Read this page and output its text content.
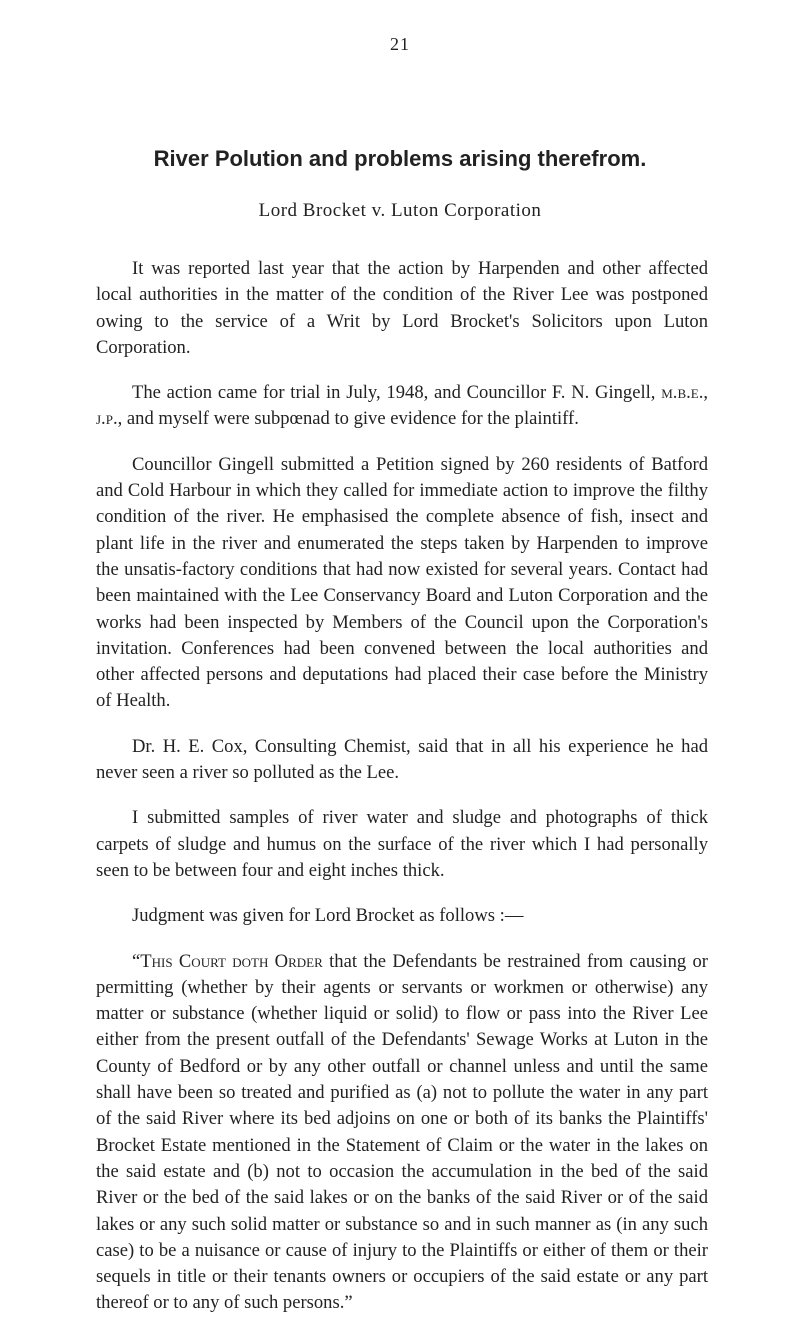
21
River Polution and problems arising therefrom.
Lord Brocket v. Luton Corporation

It was reported last year that the action by Harpenden and other affected local authorities in the matter of the condition of the River Lee was postponed owing to the service of a Writ by Lord Brocket's Solicitors upon Luton Corporation.

The action came for trial in July, 1948, and Councillor F. N. Gingell, m.b.e., j.p., and myself were subpœnad to give evidence for the plaintiff.

Councillor Gingell submitted a Petition signed by 260 residents of Batford and Cold Harbour in which they called for immediate action to improve the filthy condition of the river. He emphasised the complete absence of fish, insect and plant life in the river and enumerated the steps taken by Harpenden to improve the unsatis-factory conditions that had now existed for several years. Contact had been maintained with the Lee Conservancy Board and Luton Corporation and the works had been inspected by Members of the Council upon the Corporation's invitation. Conferences had been convened between the local authorities and other affected persons and deputations had placed their case before the Ministry of Health.

Dr. H. E. Cox, Consulting Chemist, said that in all his experience he had never seen a river so polluted as the Lee.

I submitted samples of river water and sludge and photographs of thick carpets of sludge and humus on the surface of the river which I had personally seen to be between four and eight inches thick.

Judgment was given for Lord Brocket as follows :—

“This Court doth Order that the Defendants be restrained from causing or permitting (whether by their agents or servants or workmen or otherwise) any matter or substance (whether liquid or solid) to flow or pass into the River Lee either from the present outfall of the Defendants' Sewage Works at Luton in the County of Bedford or by any other outfall or channel unless and until the same shall have been so treated and purified as (a) not to pollute the water in any part of the said River where its bed adjoins on one or both of its banks the Plaintiffs' Brocket Estate mentioned in the Statement of Claim or the water in the lakes on the said estate and (b) not to occasion the accumulation in the bed of the said River or the bed of the said lakes or on the banks of the said River or of the said lakes or any such solid matter or substance so and in such manner as (in any such case) to be a nuisance or cause of injury to the Plaintiffs or either of them or their sequels in title or their tenants owners or occupiers of the said estate or any part thereof or to any of such persons.”
